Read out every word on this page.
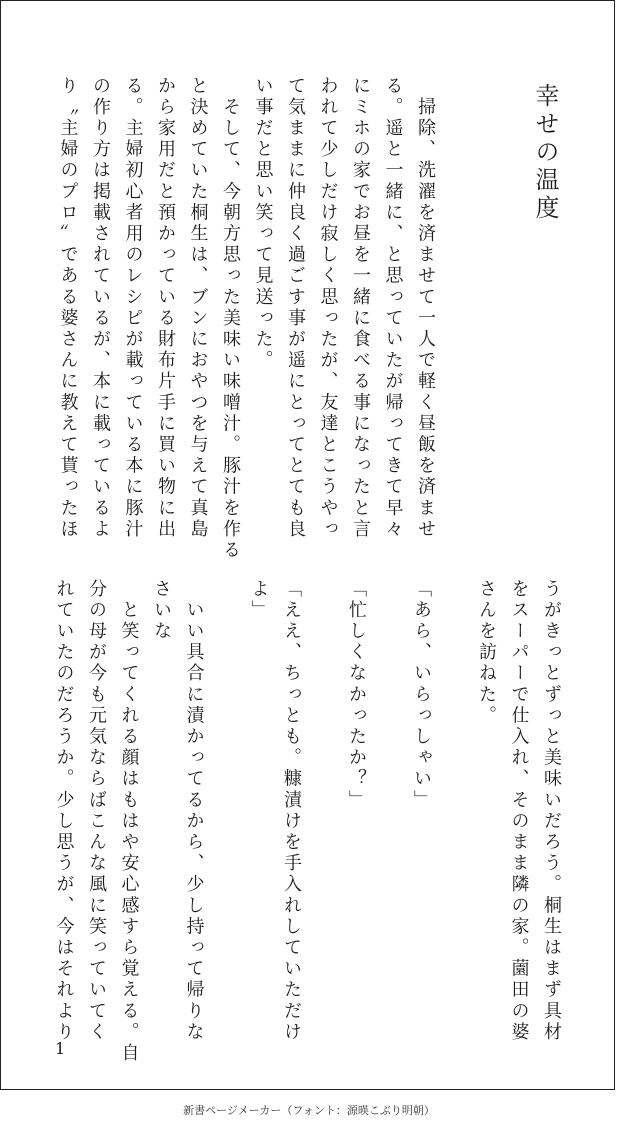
幸せの温度
　掃除、洗濯を済ませて一人で軽く昼飯を済ませ
る。遥と一緒に、と思っていたが帰ってきて早々
にミホの家でお昼を一緒に食べる事になったと言
われて少しだけ寂しく思ったが、友達とこうやっ
て気ままに仲良く過ごす事が遥にとってとても良
い事だと思い笑って見送った。
　そして、今朝方思った美味い味噌汁。豚汁を作る
と決めていた桐生は、ブンにおやつを与えて真島
から家用だと預かっている財布片手に買い物に出
る。主婦初心者用のレシピが載っている本に豚汁
の作り方は掲載されているが、本に載っているよ
り〝主婦のプロ〟である婆さんに教えて貰ったほ
うがきっとずっと美味いだろう。桐生はまず具材
をスーパーで仕入れ、そのまま隣の家。薗田の婆
さんを訪ねた。
「あら、いらっしゃい」
「忙しくなかったか？」
「ええ、ちっとも。糠漬けを手入れしていただけ
よ」
　いい具合に漬かってるから、少し持って帰りな
さいな
　と笑ってくれる顔はもはや安心感すら覚える。自
分の母が今も元気ならばこんな風に笑っていてく
れていたのだろうか。少し思うが、今はそれより
1
新書ページメーカー（フォント：源暎こぶり明朝）
